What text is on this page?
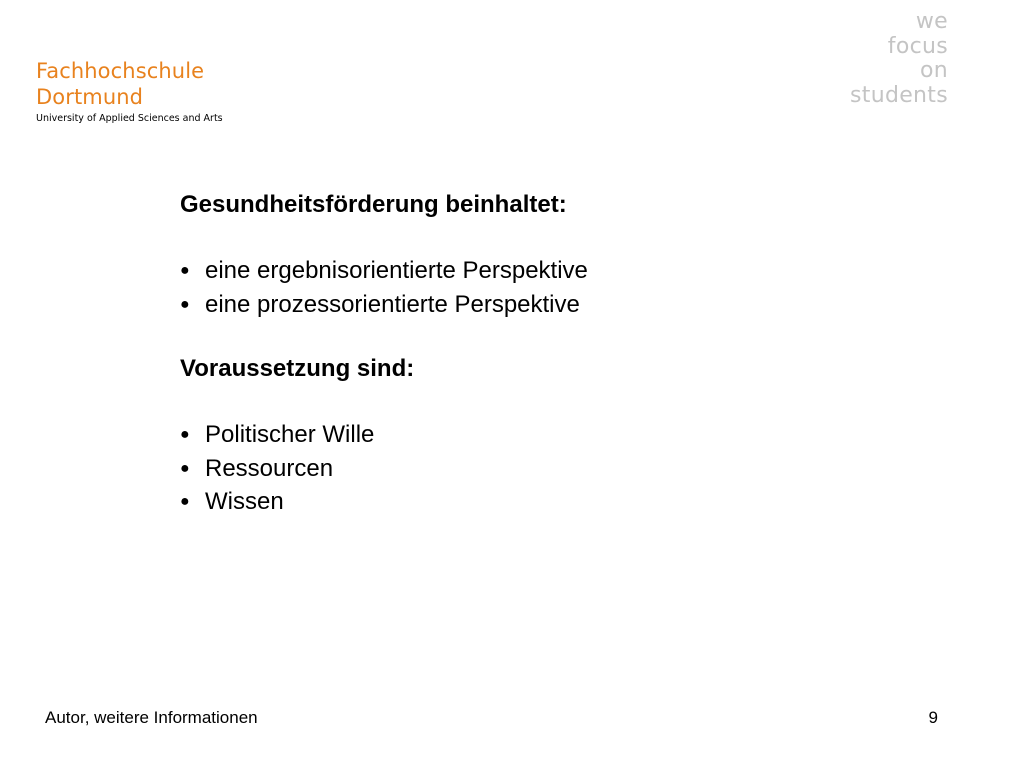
Fachhochschule
Dortmund
University of Applied Sciences and Arts
we
focus
on
students
Gesundheitsförderung beinhaltet:
● eine ergebnisorientierte Perspektive
● eine prozessorientierte Perspektive
Voraussetzung sind:
● Politischer Wille
● Ressourcen
● Wissen
Autor, weitere Informationen	9
